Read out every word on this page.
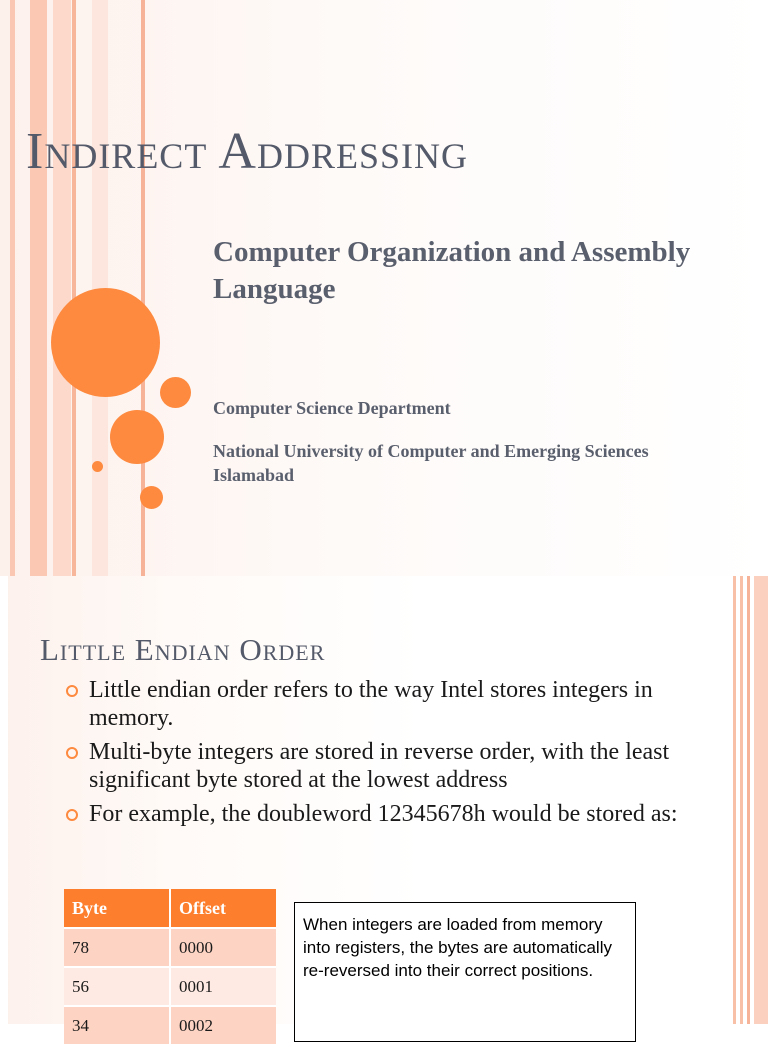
Indirect Addressing

Computer Organization and Assembly Language

Computer Science Department

National University of Computer and Emerging Sciences Islamabad

Little Endian Order
Little endian order refers to the way Intel stores integers in memory.
Multi-byte integers are stored in reverse order, with the least significant byte stored at the lowest address
For example, the doubleword 12345678h would be stored as:
Byte	Offset
78	0000
56	0001
34	0002
When integers are loaded from memory into registers, the bytes are automatically re-reversed into their correct positions.
